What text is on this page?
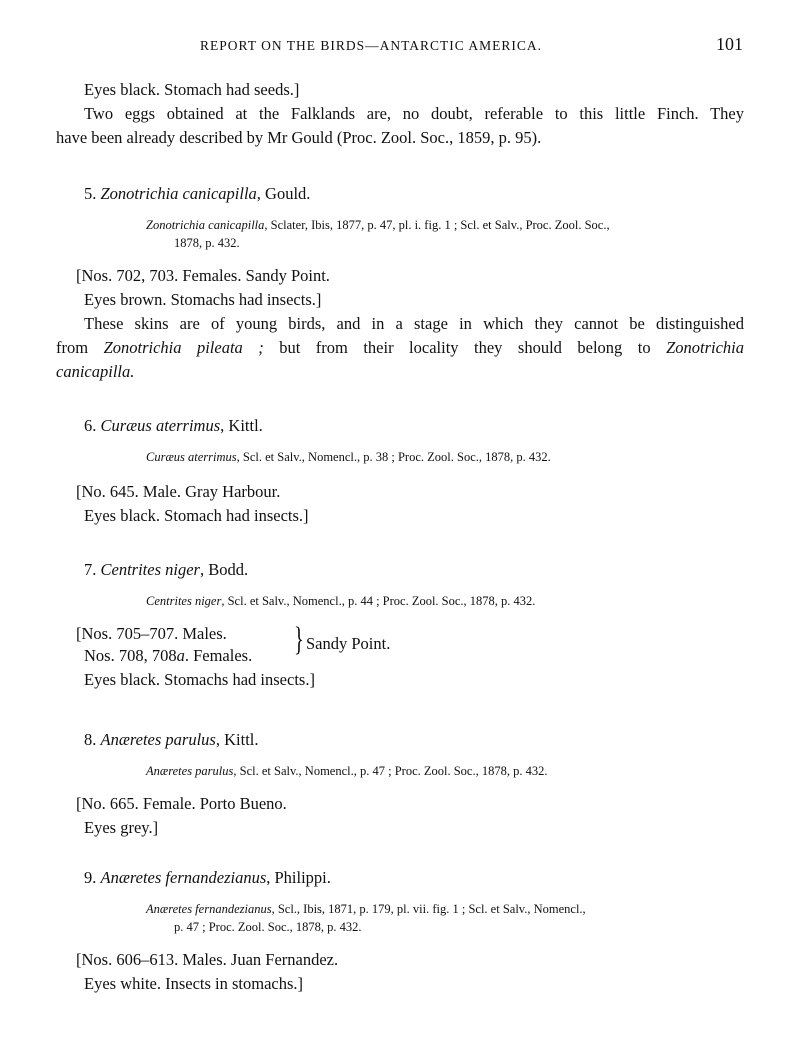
REPORT ON THE BIRDS—ANTARCTIC AMERICA.	101
Eyes black. Stomach had seeds.]
Two eggs obtained at the Falklands are, no doubt, referable to this little Finch. They
have been already described by Mr Gould (Proc. Zool. Soc., 1859, p. 95).
5. Zonotrichia canicapilla, Gould.
Zonotrichia canicapilla, Sclater, Ibis, 1877, p. 47, pl. i. fig. 1 ; Scl. et Salv., Proc. Zool. Soc.,
1878, p. 432.
[Nos. 702, 703. Females. Sandy Point.
Eyes brown. Stomachs had insects.]
These skins are of young birds, and in a stage in which they cannot be distinguished
from Zonotrichia pileata ; but from their locality they should belong to Zonotrichia
canicapilla.
6. Curæus aterrimus, Kittl.
Curæus aterrimus, Scl. et Salv., Nomencl., p. 38 ; Proc. Zool. Soc., 1878, p. 432.
[No. 645. Male. Gray Harbour.
Eyes black. Stomach had insects.]
7. Centrites niger, Bodd.
Centrites niger, Scl. et Salv., Nomencl., p. 44 ; Proc. Zool. Soc., 1878, p. 432.
[Nos. 705–707. Males.
Nos. 708, 708a. Females. } Sandy Point.
Eyes black. Stomachs had insects.]
8. Anæretes parulus, Kittl.
Anæretes parulus, Scl. et Salv., Nomencl., p. 47 ; Proc. Zool. Soc., 1878, p. 432.
[No. 665. Female. Porto Bueno.
Eyes grey.]
9. Anæretes fernandezianus, Philippi.
Anæretes fernandezianus, Scl., Ibis, 1871, p. 179, pl. vii. fig. 1 ; Scl. et Salv., Nomencl.,
p. 47 ; Proc. Zool. Soc., 1878, p. 432.
[Nos. 606–613. Males. Juan Fernandez.
Eyes white. Insects in stomachs.]
